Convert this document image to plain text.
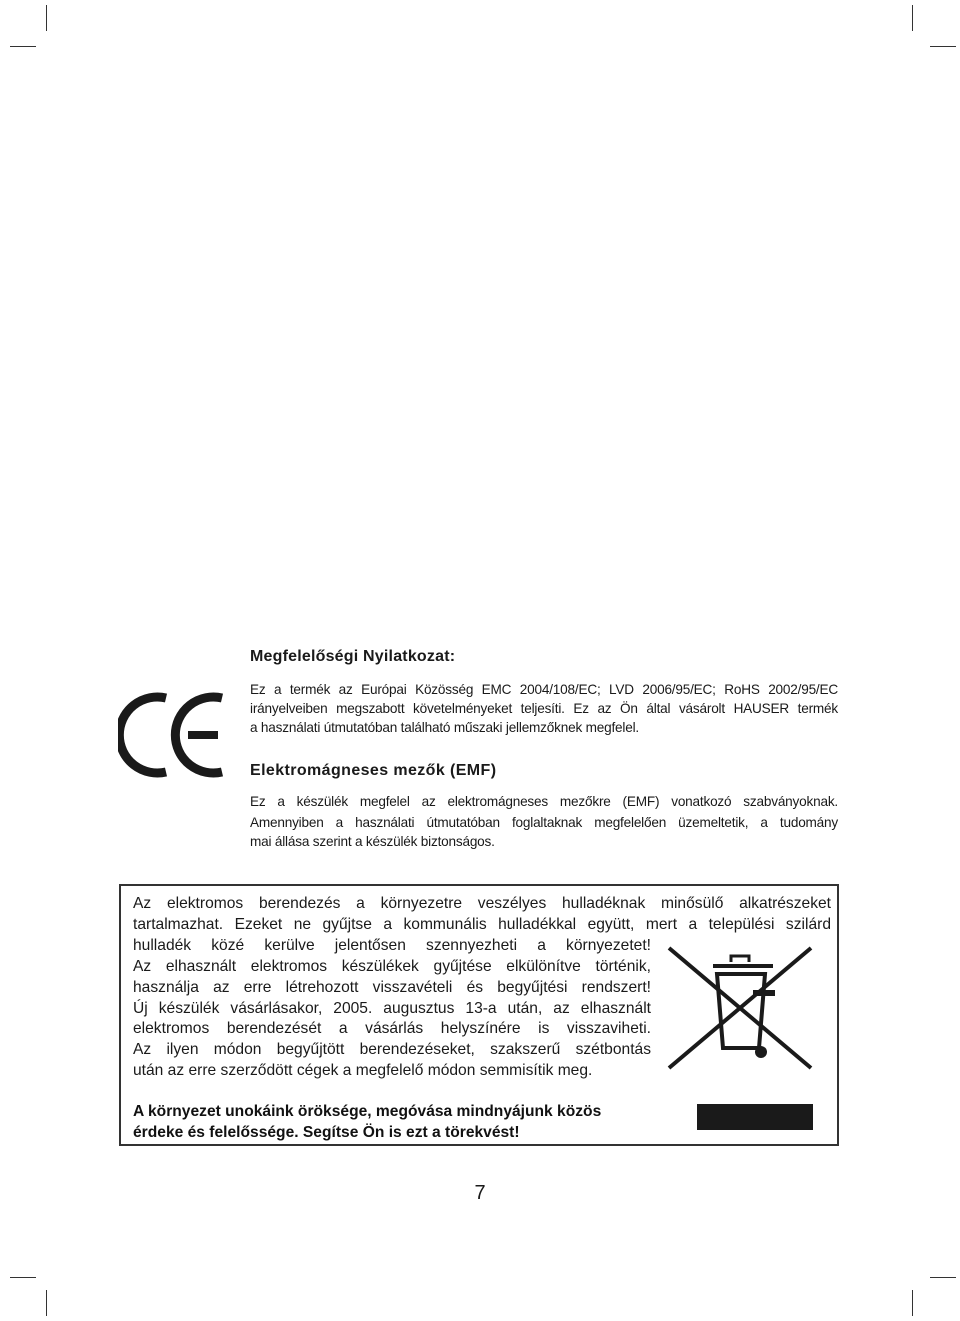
Megfelelőségi Nyilatkozat:

Ez a termék az Európai Közösség EMC 2004/108/EC; LVD 2006/95/EC; RoHS 2002/95/EC

irányelveiben megszabott követelményeket teljesíti. Ez az Ön által vásárolt HAUSER termék

a használati útmutatóban található műszaki jellemzőknek megfelel.

Elektromágneses mezők (EMF)

Ez a készülék megfelel az elektromágneses mezőkre (EMF) vonatkozó szabványoknak.

Amennyiben a használati útmutatóban foglaltaknak megfelelően üzemeltetik, a tudomány
mai állása szerint a készülék biztonságos.

Az elektromos berendezés a környezetre veszélyes hulladéknak minősülő alkatrészeket
tartalmazhat. Ezeket ne gyűjtse a kommunális hulladékkal együtt, mert a települési szilárd
hulladék közé kerülve jelentősen szennyezheti a környezetet!
Az elhasznált elektromos készülékek gyűjtése elkülönítve történik,
használja az erre létrehozott visszavételi és begyűjtési rendszert!
Új készülék vásárlásakor, 2005. augusztus 13-a után, az elhasznált
elektromos berendezését a vásárlás helyszínére is visszaviheti.
Az ilyen módon begyűjtött berendezéseket, szakszerű szétbontás
után az erre szerződött cégek a megfelelő módon semmisítik meg.
A környezet unokáink öröksége, megóvása mindnyájunk közös
érdeke és felelőssége. Segítse Ön is ezt a törekvést!
7
